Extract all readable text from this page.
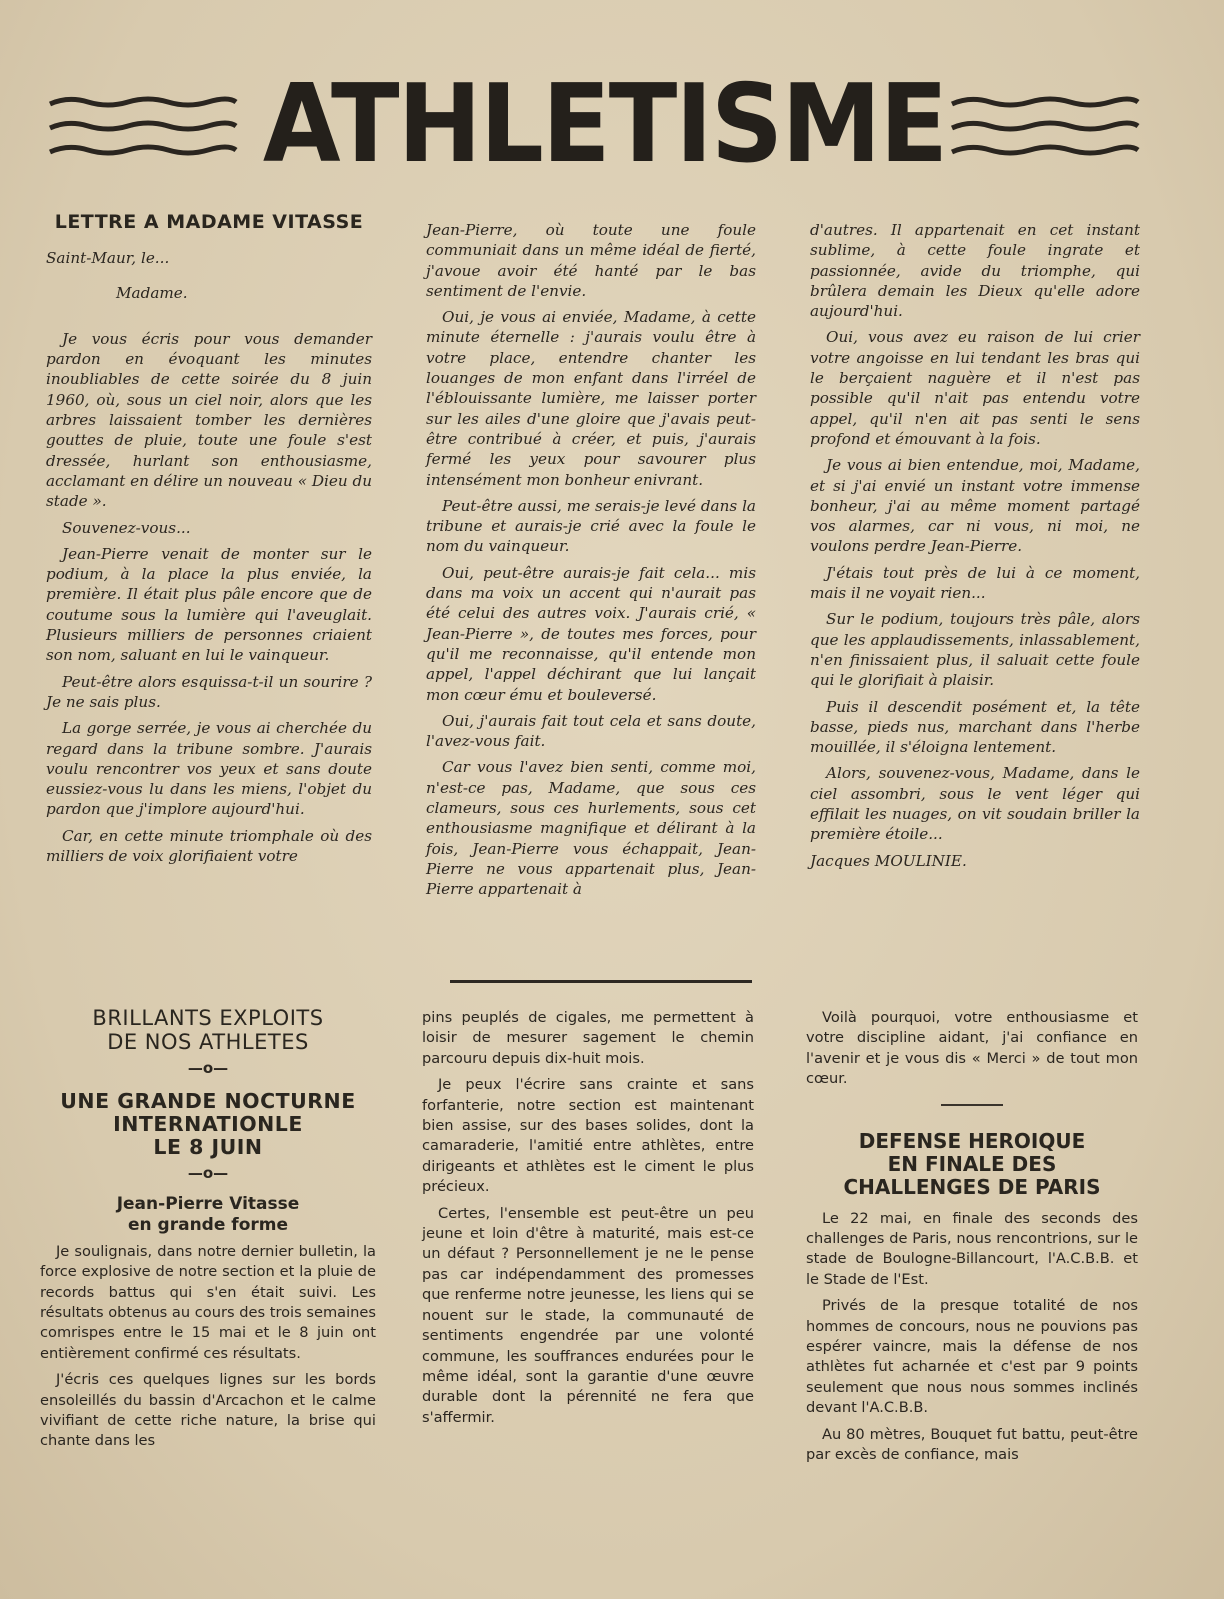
ATHLETISME
LETTRE A MADAME VITASSE

Saint-Maur, le...

Madame.

Je vous écris pour vous demander pardon en évoquant les minutes inoubliables de cette soirée du 8 juin 1960, où, sous un ciel noir, alors que les arbres laissaient tomber les dernières gouttes de pluie, toute une foule s'est dressée, hurlant son enthousiasme, acclamant en délire un nouveau « Dieu du stade ».

Souvenez-vous...

Jean-Pierre venait de monter sur le podium, à la place la plus enviée, la première. Il était plus pâle encore que de coutume sous la lumière qui l'aveuglait. Plusieurs milliers de personnes criaient son nom, saluant en lui le vainqueur.

Peut-être alors esquissa-t-il un sourire ? Je ne sais plus.

La gorge serrée, je vous ai cherchée du regard dans la tribune sombre. J'aurais voulu rencontrer vos yeux et sans doute eussiez-vous lu dans les miens, l'objet du pardon que j'implore aujourd'hui.

Car, en cette minute triomphale où des milliers de voix glorifiaient votre

Jean-Pierre, où toute une foule communiait dans un même idéal de fierté, j'avoue avoir été hanté par le bas sentiment de l'envie.

Oui, je vous ai enviée, Madame, à cette minute éternelle : j'aurais voulu être à votre place, entendre chanter les louanges de mon enfant dans l'irréel de l'éblouissante lumière, me laisser porter sur les ailes d'une gloire que j'avais peut-être contribué à créer, et puis, j'aurais fermé les yeux pour savourer plus intensément mon bonheur enivrant.

Peut-être aussi, me serais-je levé dans la tribune et aurais-je crié avec la foule le nom du vainqueur.

Oui, peut-être aurais-je fait cela... mis dans ma voix un accent qui n'aurait pas été celui des autres voix. J'aurais crié, « Jean-Pierre », de toutes mes forces, pour qu'il me reconnaisse, qu'il entende mon appel, l'appel déchirant que lui lançait mon cœur ému et bouleversé.

Oui, j'aurais fait tout cela et sans doute, l'avez-vous fait.

Car vous l'avez bien senti, comme moi, n'est-ce pas, Madame, que sous ces clameurs, sous ces hurlements, sous cet enthousiasme magnifique et délirant à la fois, Jean-Pierre vous échappait, Jean-Pierre ne vous appartenait plus, Jean-Pierre appartenait à

d'autres. Il appartenait en cet instant sublime, à cette foule ingrate et passionnée, avide du triomphe, qui brûlera demain les Dieux qu'elle adore aujourd'hui.

Oui, vous avez eu raison de lui crier votre angoisse en lui tendant les bras qui le berçaient naguère et il n'est pas possible qu'il n'ait pas entendu votre appel, qu'il n'en ait pas senti le sens profond et émouvant à la fois.

Je vous ai bien entendue, moi, Madame, et si j'ai envié un instant votre immense bonheur, j'ai au même moment partagé vos alarmes, car ni vous, ni moi, ne voulons perdre Jean-Pierre.

J'étais tout près de lui à ce moment, mais il ne voyait rien...

Sur le podium, toujours très pâle, alors que les applaudissements, inlassablement, n'en finissaient plus, il saluait cette foule qui le glorifiait à plaisir.

Puis il descendit posément et, la tête basse, pieds nus, marchant dans l'herbe mouillée, il s'éloigna lentement.

Alors, souvenez-vous, Madame, dans le ciel assombri, sous le vent léger qui effilait les nuages, on vit soudain briller la première étoile...

Jacques MOULINIE.

BRILLANTS EXPLOITS
DE NOS ATHLETES
—o—
UNE GRANDE NOCTURNE
INTERNATIONLE
LE 8 JUIN
—o—
Jean-Pierre Vitasse
en grande forme

Je soulignais, dans notre dernier bulletin, la force explosive de notre section et la pluie de records battus qui s'en était suivi. Les résultats obtenus au cours des trois semaines comrispes entre le 15 mai et le 8 juin ont entièrement confirmé ces résultats.

J'écris ces quelques lignes sur les bords ensoleillés du bassin d'Arcachon et le calme vivifiant de cette riche nature, la brise qui chante dans les

pins peuplés de cigales, me permettent à loisir de mesurer sagement le chemin parcouru depuis dix-huit mois.

Je peux l'écrire sans crainte et sans forfanterie, notre section est maintenant bien assise, sur des bases solides, dont la camaraderie, l'amitié entre athlètes, entre dirigeants et athlètes est le ciment le plus précieux.

Certes, l'ensemble est peut-être un peu jeune et loin d'être à maturité, mais est-ce un défaut ? Personnellement je ne le pense pas car indépendamment des promesses que renferme notre jeunesse, les liens qui se nouent sur le stade, la communauté de sentiments engendrée par une volonté commune, les souffrances endurées pour le même idéal, sont la garantie d'une œuvre durable dont la pérennité ne fera que s'affermir.

Voilà pourquoi, votre enthousiasme et votre discipline aidant, j'ai confiance en l'avenir et je vous dis « Merci » de tout mon cœur.

DEFENSE HEROIQUE
EN FINALE DES
CHALLENGES DE PARIS

Le 22 mai, en finale des seconds des challenges de Paris, nous rencontrions, sur le stade de Boulogne-Billancourt, l'A.C.B.B. et le Stade de l'Est.

Privés de la presque totalité de nos hommes de concours, nous ne pouvions pas espérer vaincre, mais la défense de nos athlètes fut acharnée et c'est par 9 points seulement que nous nous sommes inclinés devant l'A.C.B.B.

Au 80 mètres, Bouquet fut battu, peut-être par excès de confiance, mais
